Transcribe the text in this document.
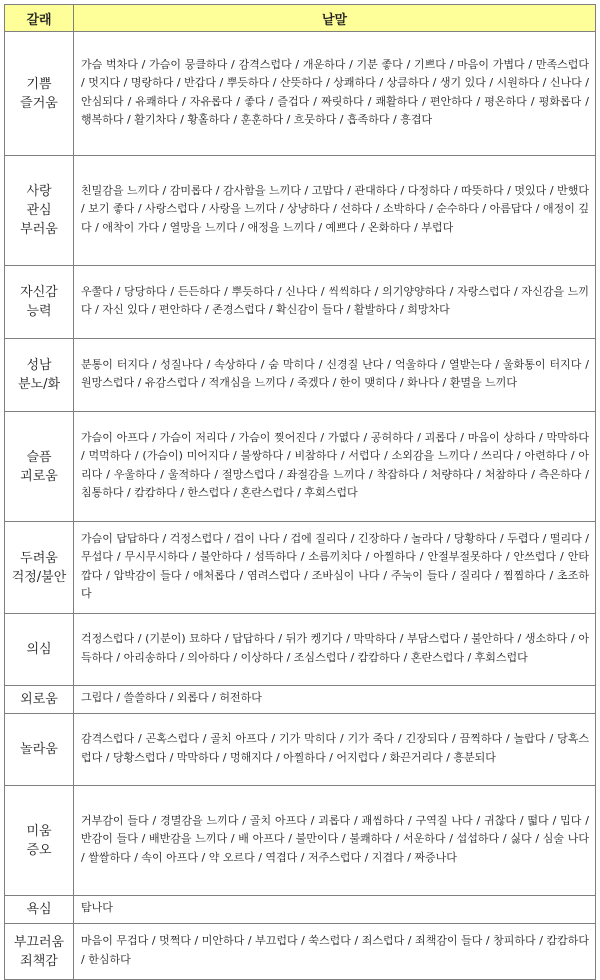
갈래	낱말

기쁨
즐거움	가슴 벅차다 / 가슴이 뭉클하다 / 감격스럽다 / 개운하다 / 기분 좋다 / 기쁘다 / 마음이 가볍다 / 만족스럽다 / 멋지다 / 명랑하다 / 반갑다 / 뿌듯하다 / 산뜻하다 / 상쾌하다 / 상큼하다 / 생기 있다 / 시원하다 / 신나다 / 안심되다 / 유쾌하다 / 자유롭다 / 좋다 / 즐겁다 / 짜릿하다 / 쾌활하다 / 편안하다 / 평온하다 / 평화롭다 / 행복하다 / 활기차다 / 황홀하다 / 훈훈하다 / 흐뭇하다 / 흡족하다 / 흥겹다

사랑
관심
부러움	친밀감을 느끼다 / 감미롭다 / 감사함을 느끼다 / 고맙다 / 관대하다 / 다정하다 / 따뜻하다 / 멋있다 / 반했다 / 보기 좋다 / 사랑스럽다 / 사랑을 느끼다 / 상냥하다 / 선하다 / 소박하다 / 순수하다 / 아름답다 / 애정이 깊다 / 애착이 가다 / 열망을 느끼다 / 애정을 느끼다 / 예쁘다 / 온화하다 / 부럽다

자신감
능력	우쭐다 / 당당하다 / 든든하다 / 뿌듯하다 / 신나다 / 씩씩하다 / 의기양양하다 / 자랑스럽다 / 자신감을 느끼다 / 자신 있다 / 편안하다 / 존경스럽다 / 확신감이 들다 / 활발하다 / 희망차다

성남
분노/화	분통이 터지다 / 성질나다 / 속상하다 / 숨 막히다 / 신경질 난다 / 억울하다 / 열받는다 / 울화통이 터지다 / 원망스럽다 / 유감스럽다 / 적개심을 느끼다 / 죽겠다 / 한이 맺히다 / 화나다 / 환멸을 느끼다

슬픔
괴로움	가슴이 아프다 / 가슴이 저리다 / 가슴이 찢어진다 / 가엾다 / 공허하다 / 괴롭다 / 마음이 상하다 / 막막하다 / 먹먹하다 / (가슴이) 미어지다 / 불쌍하다 / 비참하다 / 서럽다 / 소외감을 느끼다 / 쓰리다 / 아련하다 / 아리다 / 우울하다 / 울적하다 / 절망스럽다 / 좌절감을 느끼다 / 착잡하다 / 처량하다 / 처참하다 / 측은하다 / 침통하다 / 캄캄하다 / 한스럽다 / 혼란스럽다 / 후회스럽다

두려움
걱정/불안	가슴이 답답하다 / 걱정스럽다 / 겁이 나다 / 겁에 질리다 / 긴장하다 / 놀라다 / 당황하다 / 두렵다 / 떨리다 / 무섭다 / 무시무시하다 / 불안하다 / 섬뜩하다 / 소름끼치다 / 아찔하다 / 안절부절못하다 / 안쓰럽다 / 안타깝다 / 압박감이 들다 / 애처롭다 / 염려스럽다 / 조바심이 나다 / 주눅이 들다 / 질리다 / 찜찜하다 / 초조하다

의심	걱정스럽다 / (기분이) 묘하다 / 답답하다 / 뒤가 켕기다 / 막막하다 / 부담스럽다 / 불안하다 / 생소하다 / 아득하다 / 아리송하다 / 의아하다 / 이상하다 / 조심스럽다 / 캄캄하다 / 혼란스럽다 / 후회스럽다

외로움	그립다 / 쓸쓸하다 / 외롭다 / 허전하다

놀라움	감격스럽다 / 곤혹스럽다 / 골치 아프다 / 기가 막히다 / 기가 죽다 / 긴장되다 / 끔찍하다 / 놀랍다 / 당혹스럽다 / 당황스럽다 / 막막하다 / 멍해지다 / 아찔하다 / 어지럽다 / 화끈거리다 / 흥분되다

미움
증오	거부감이 들다 / 경멸감을 느끼다 / 골치 아프다 / 괴롭다 / 괘씸하다 / 구역질 나다 / 귀찮다 / 떫다 / 밉다 / 반감이 들다 / 배반감을 느끼다 / 배 아프다 / 불만이다 / 불쾌하다 / 서운하다 / 섭섭하다 / 싫다 / 심술 나다 / 쌀쌀하다 / 속이 아프다 / 약 오르다 / 역겹다 / 저주스럽다 / 지겹다 / 짜증나다

욕심	탐나다

부끄러움
죄책감	마음이 무겁다 / 멋쩍다 / 미안하다 / 부끄럽다 / 쑥스럽다 / 죄스럽다 / 죄책감이 들다 / 창피하다 / 캄캄하다 / 한심하다
